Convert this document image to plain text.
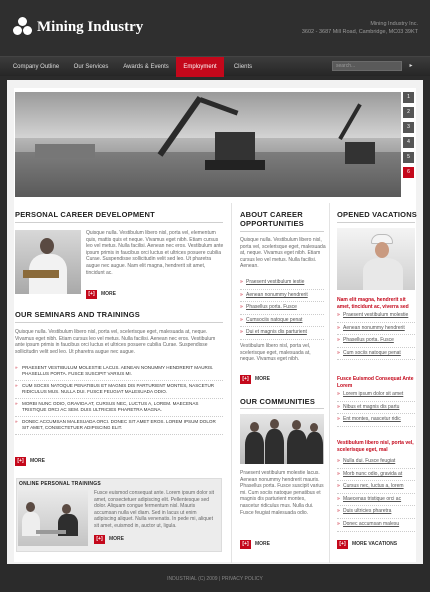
Mining Industry	Mining Industry Inc.
3602 - 3687 Mill Road, Cambridge, MC03 39KT
Company Outline	Our Services	Awards & Events	Employment	Clients	search...	▸
1
2
3
4
5
6
PERSONAL CAREER DEVELOPMENT
Quisque nulla. Vestibulum libero nisl, porta vel, elementum quis, mattis quis et neque. Vivamus eget nibh. Etiam cursus leo vel metus. Nulla facilisi. Aenean nec eros. Vestibulum ante ipsum primis in faucibus orci luctus et ultrices posuere cubilia Curae. Suspendisse sollicitudin velit sed leo. Ut pharetra augue nec augue. Nam elit magna, hendrerit sit amet, tincidunt ac.
[+] MORE
OUR SEMINARS AND TRAININGS
Quisque nulla. Vestibulum libero nisl, porta vel, scelerisque eget, malesuada at, neque. Vivamus eget nibh. Etiam cursus leo vel metus. Nulla facilisi. Aenean nec eros. Vestibulum ante ipsum primis in faucibus orci luctus et ultrices posuere cubilia Curae. Suspendisse sollicitudin velit sed leo. Ut pharetra augue nec augue.
» PRAESENT VESTIBULUM MOLESTIE LACUS. AENEAN NONUMMY HENDRERIT MAURIS. PHASELLUS PORTA. FUSCE SUSCIPIT VARIUS MI.
» CUM SOCIIS NATOQUE PENATIBUS ET MAGNIS DIS PARTURIENT MONTES, NASCETUR RIDICULUS MUS. NULLA DUI. FUSCE FEUGIAT MALESUADA ODIO.
» MORBI NUNC ODIO, GRAVIDA AT, CURSUS NEC, LUCTUS A, LOREM. MAECENAS TRISTIQUE ORCI AC SEM. DUIS ULTRICIES PHARETRA MAGNA.
» DONEC ACCUMSAN MALESUADA ORCI. DONEC SIT AMET EROS. LOREM IPSUM DOLOR SIT AMET, CONSECTETUER ADIPISCING ELIT.
[+] MORE
ONLINE PERSONAL TRAININGS
Fusce euismod consequat ante. Lorem ipsum dolor sit amet, consectetuer adipiscing elit. Pellentesque sed dolor. Aliquam congue fermentum nisl. Mauris accumsan nulla vel diam. Sed in lacus ut enim adipiscing aliquet. Nulla venenatis. In pede mi, aliquet sit amet, euismod in, auctor ut, ligula.
[+] MORE
ABOUT CAREER OPPORTUNITIES
Quisque nulla. Vestibulum libero nisl, porta vel, scelerisque eget, malesuada at, neque. Vivamus eget nibh. Etiam cursus leo vel metus. Nulla facilisi. Aenean.
» Praesent vestibulum iestie
» Aenean nonummy hendrerit
» Phasellus porta. Fusce
» Cumsociis natoque penat
» Dui et magnis dis parturient
Vestibulum libero nisl, porta vel, scelerisque eget, malesuada at, neque. Vivamus eget nibh.
[+] MORE
OUR COMMUNITIES
Praesent vestibulum molestie lacus. Aenean nonummy hendrerit mauris. Phasellus porta. Fusce suscipit varius mi. Cum sociis natoque penatibus et magnis dis parturient montes, nascetur ridiculus mus. Nulla dui. Fusce feugiat malesuada odio.
[+] MORE
OPENED VACATIONS
Nam elit magna, hendrerit sit amet, tincidunt ac, viverra sed
» Praesent vestibulum molestie
» Aenean nonummy hendrerit
» Phasellus porta. Fusce
» Cum sociis natoque penat
Fusce Euismod Consequat Ante Lorem
» Lorem ipsum dolor sit amet
» Nibus et magnis dis partu
» Ent montes, nascetur ridic
Vestibulum libero nisl, porta vel, scelerisque eget, mal
» Nulla dui. Fusce feugiat
» Morb nunc odio, gravida at
» Cursus nec, luctus a, lorem
» Maecenas tristique orci ac
» Duis ultricies pharetra
» Donec accumsan malesu
[+] MORE VACATIONS
INDUSTRIAL (C) 2009 | PRIVACY POLICY
